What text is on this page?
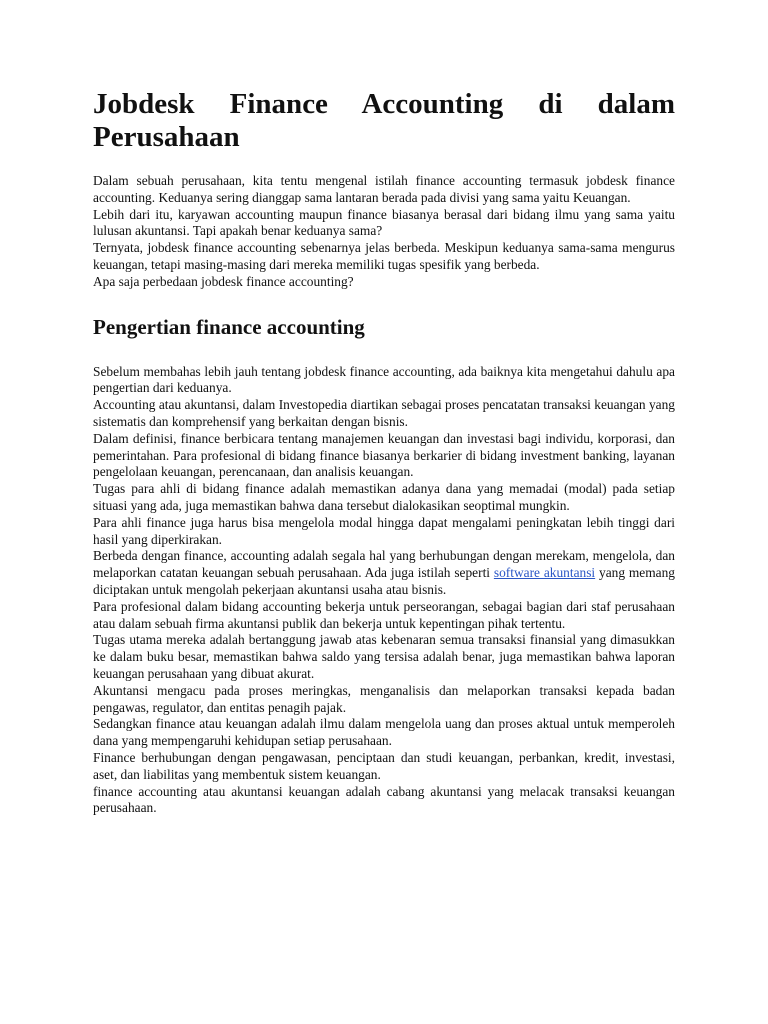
Jobdesk Finance Accounting di dalam Perusahaan

Dalam sebuah perusahaan, kita tentu mengenal istilah finance accounting termasuk jobdesk finance accounting. Keduanya sering dianggap sama lantaran berada pada divisi yang sama yaitu Keuangan.

Lebih dari itu, karyawan accounting maupun finance biasanya berasal dari bidang ilmu yang sama yaitu lulusan akuntansi. Tapi apakah benar keduanya sama?

Ternyata, jobdesk finance accounting sebenarnya jelas berbeda. Meskipun keduanya sama-sama mengurus keuangan, tetapi masing-masing dari mereka memiliki tugas spesifik yang berbeda.

Apa saja perbedaan jobdesk finance accounting?

Pengertian finance accounting

Sebelum membahas lebih jauh tentang jobdesk finance accounting, ada baiknya kita mengetahui dahulu apa pengertian dari keduanya.

Accounting atau akuntansi, dalam Investopedia diartikan sebagai proses pencatatan transaksi keuangan yang sistematis dan komprehensif yang berkaitan dengan bisnis.

Dalam definisi, finance berbicara tentang manajemen keuangan dan investasi bagi individu, korporasi, dan pemerintahan. Para profesional di bidang finance biasanya berkarier di bidang investment banking, layanan pengelolaan keuangan, perencanaan, dan analisis keuangan.

Tugas para ahli di bidang finance adalah memastikan adanya dana yang memadai (modal) pada setiap situasi yang ada, juga memastikan bahwa dana tersebut dialokasikan seoptimal mungkin.

Para ahli finance juga harus bisa mengelola modal hingga dapat mengalami peningkatan lebih tinggi dari hasil yang diperkirakan.

Berbeda dengan finance, accounting adalah segala hal yang berhubungan dengan merekam, mengelola, dan melaporkan catatan keuangan sebuah perusahaan. Ada juga istilah seperti software akuntansi yang memang diciptakan untuk mengolah pekerjaan akuntansi usaha atau bisnis.

Para profesional dalam bidang accounting bekerja untuk perseorangan, sebagai bagian dari staf perusahaan atau dalam sebuah firma akuntansi publik dan bekerja untuk kepentingan pihak tertentu.

Tugas utama mereka adalah bertanggung jawab atas kebenaran semua transaksi finansial yang dimasukkan ke dalam buku besar, memastikan bahwa saldo yang tersisa adalah benar, juga memastikan bahwa laporan keuangan perusahaan yang dibuat akurat.

Akuntansi mengacu pada proses meringkas, menganalisis dan melaporkan transaksi kepada badan pengawas, regulator, dan entitas penagih pajak.

Sedangkan finance atau keuangan adalah ilmu dalam mengelola uang dan proses aktual untuk memperoleh dana yang mempengaruhi kehidupan setiap perusahaan.

Finance berhubungan dengan pengawasan, penciptaan dan studi keuangan, perbankan, kredit, investasi, aset, dan liabilitas yang membentuk sistem keuangan.

finance accounting atau akuntansi keuangan adalah cabang akuntansi yang melacak transaksi keuangan perusahaan.
